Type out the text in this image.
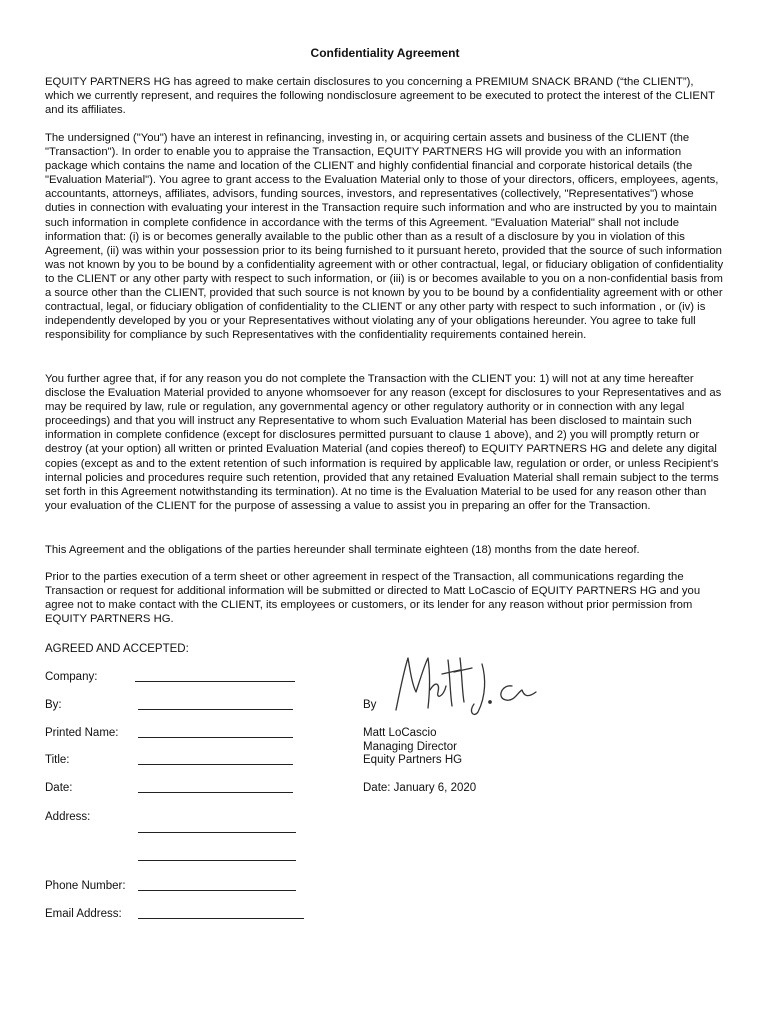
Confidentiality Agreement

EQUITY PARTNERS HG has agreed to make certain disclosures to you concerning a PREMIUM SNACK BRAND (“the CLIENT”), which we currently represent, and requires the following nondisclosure agreement to be executed to protect the interest of the CLIENT and its affiliates.

The undersigned ("You") have an interest in refinancing, investing in, or acquiring certain assets and business of the CLIENT (the "Transaction"). In order to enable you to appraise the Transaction, EQUITY PARTNERS HG will provide you with an information package which contains the name and location of the CLIENT and highly confidential financial and corporate historical details (the "Evaluation Material"). You agree to grant access to the Evaluation Material only to those of your directors, officers, employees, agents, accountants, attorneys, affiliates, advisors, funding sources, investors, and representatives (collectively, "Representatives") whose duties in connection with evaluating your interest in the Transaction require such information and who are instructed by you to maintain such information in complete confidence in accordance with the terms of this Agreement. "Evaluation Material" shall not include information that: (i) is or becomes generally available to the public other than as a result of a disclosure by you in violation of this Agreement, (ii) was within your possession prior to its being furnished to it pursuant hereto, provided that the source of such information was not known by you to be bound by a confidentiality agreement with or other contractual, legal, or fiduciary obligation of confidentiality to the CLIENT or any other party with respect to such information, or (iii) is or becomes available to you on a non-confidential basis from a source other than the CLIENT, provided that such source is not known by you to be bound by a confidentiality agreement with or other contractual, legal, or fiduciary obligation of confidentiality to the CLIENT or any other party with respect to such information , or (iv) is independently developed by you or your Representatives without violating any of your obligations hereunder. You agree to take full responsibility for compliance by such Representatives with the confidentiality requirements contained herein.

You further agree that, if for any reason you do not complete the Transaction with the CLIENT you: 1) will not at any time hereafter disclose the Evaluation Material provided to anyone whomsoever for any reason (except for disclosures to your Representatives and as may be required by law, rule or regulation, any governmental agency or other regulatory authority or in connection with any legal proceedings) and that you will instruct any Representative to whom such Evaluation Material has been disclosed to maintain such information in complete confidence (except for disclosures permitted pursuant to clause 1 above), and 2) you will promptly return or destroy (at your option) all written or printed Evaluation Material (and copies thereof) to EQUITY PARTNERS HG and delete any digital copies (except as and to the extent retention of such information is required by applicable law, regulation or order, or unless Recipient’s internal policies and procedures require such retention, provided that any retained Evaluation Material shall remain subject to the terms set forth in this Agreement notwithstanding its termination). At no time is the Evaluation Material to be used for any reason other than your evaluation of the CLIENT for the purpose of assessing a value to assist you in preparing an offer for the Transaction.

This Agreement and the obligations of the parties hereunder shall terminate eighteen (18) months from the date hereof.

Prior to the parties execution of a term sheet or other agreement in respect of the Transaction, all communications regarding the Transaction or request for additional information will be submitted or directed to Matt LoCascio of EQUITY PARTNERS HG and you agree not to make contact with the CLIENT, its employees or customers, or its lender for any reason without prior permission from EQUITY PARTNERS HG.

AGREED AND ACCEPTED:
Company:
By:
Printed Name:
Title:
Date:
Address:
Phone Number:
Email Address:
By
Matt LoCascio
Managing Director
Equity Partners HG
Date: January 6, 2020
